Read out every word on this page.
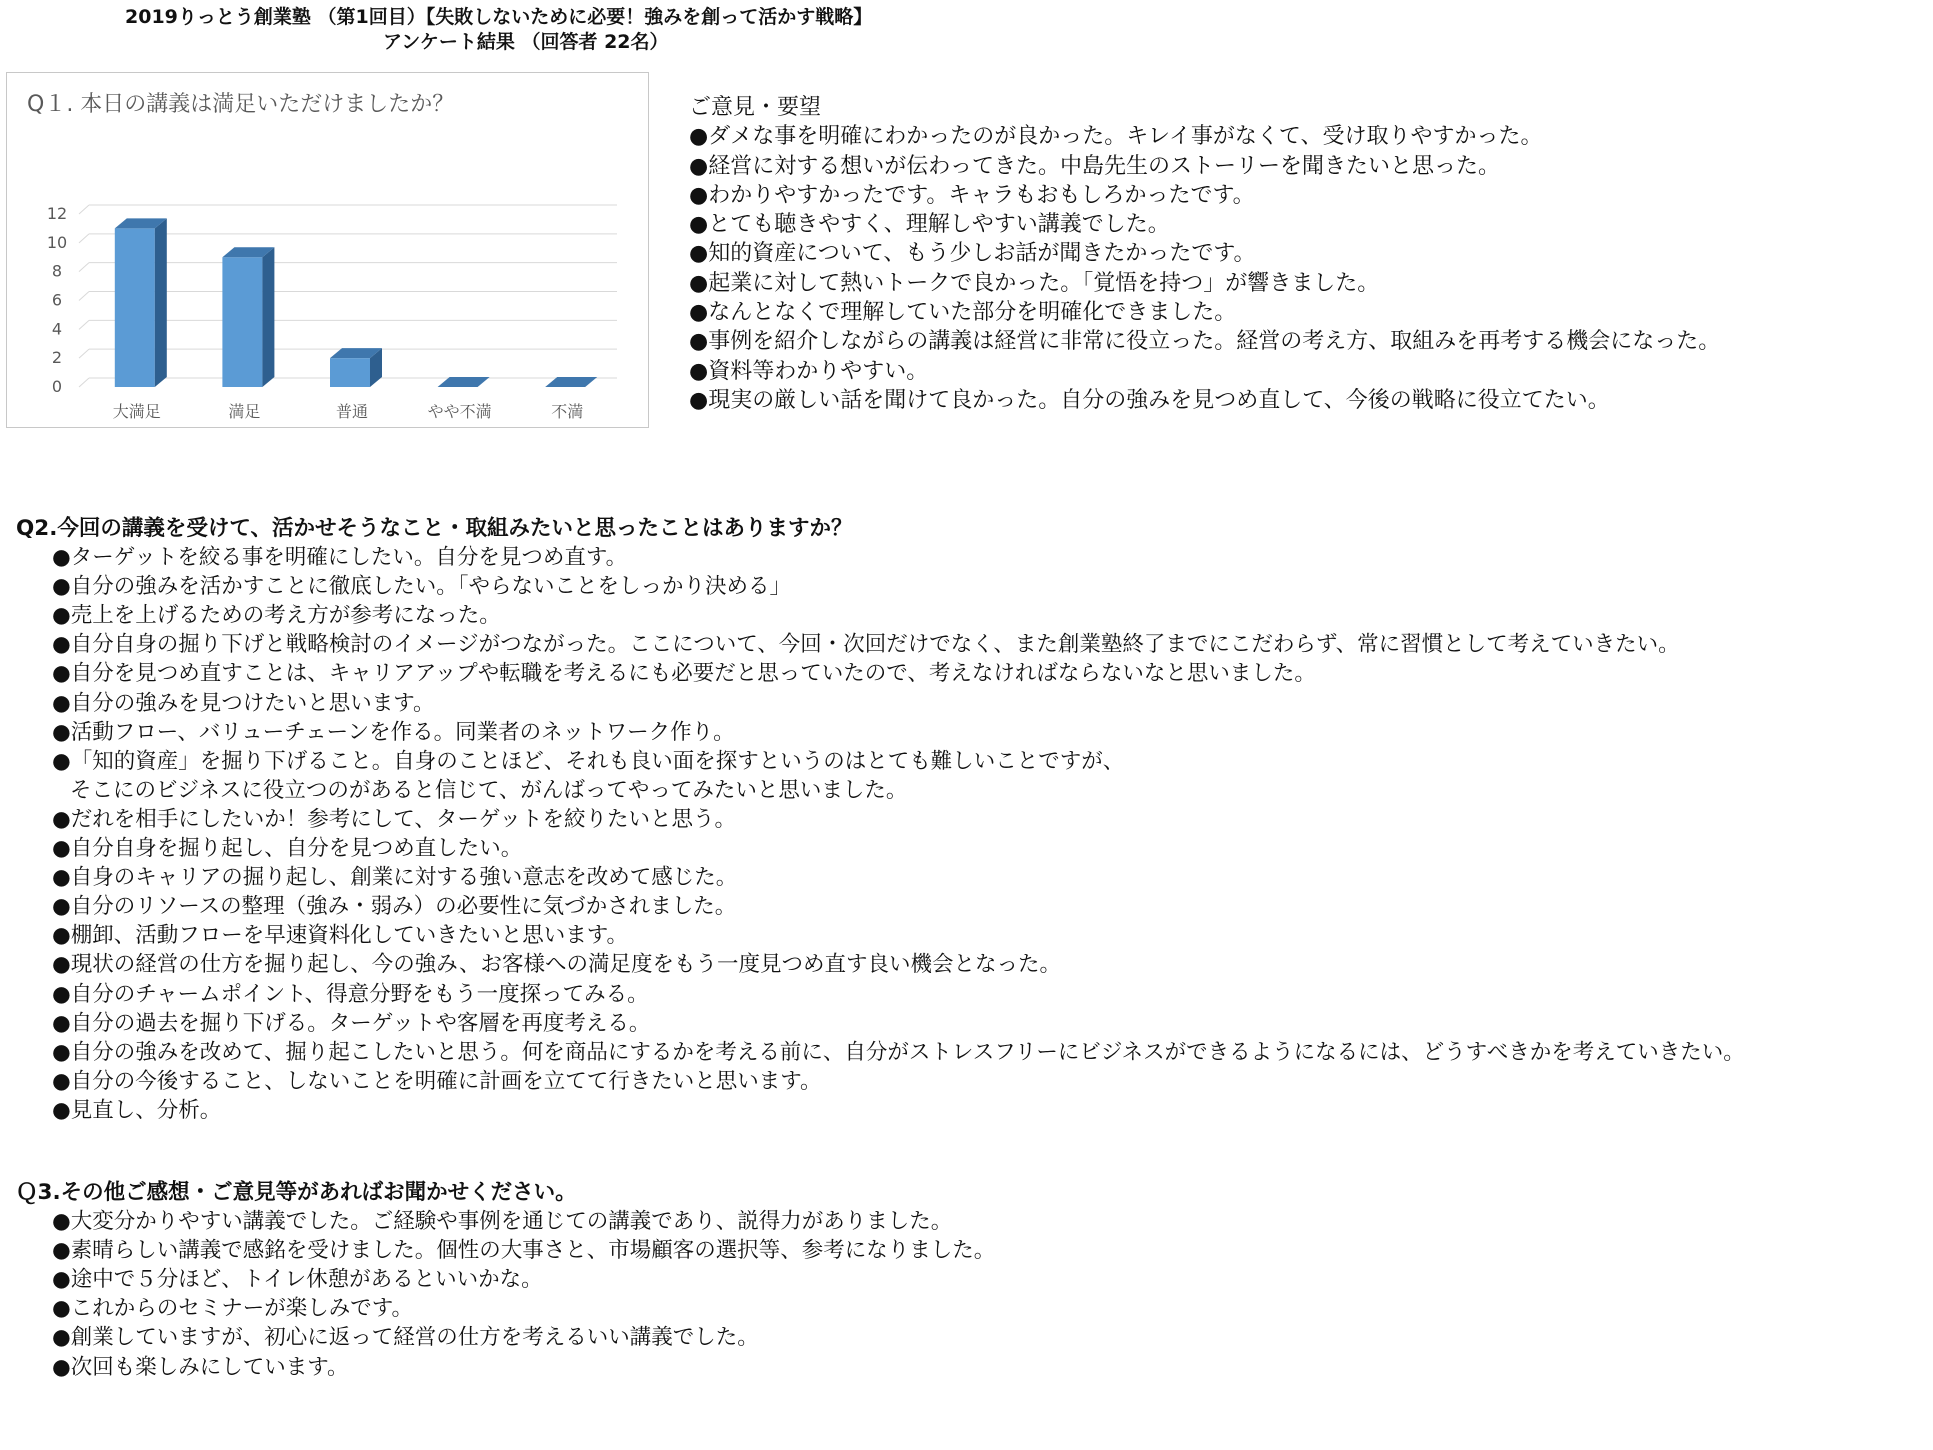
2019りっとう創業塾 （第1回目）【失敗しないために必要！強みを創って活かす戦略】
アンケート結果 （回答者 22名）
Q１. 本日の講義は満足いただけましたか？
0
2
4
6
8
10
12
大満足	満足	普通	やや不満	不満
ご意見・要望
●ダメな事を明確にわかったのが良かった。キレイ事がなくて、受け取りやすかった。
●経営に対する想いが伝わってきた。中島先生のストーリーを聞きたいと思った。
●わかりやすかったです。キャラもおもしろかったです。
●とても聴きやすく、理解しやすい講義でした。
●知的資産について、もう少しお話が聞きたかったです。
●起業に対して熱いトークで良かった。「覚悟を持つ」が響きました。
●なんとなくで理解していた部分を明確化できました。
●事例を紹介しながらの講義は経営に非常に役立った。経営の考え方、取組みを再考する機会になった。
●資料等わかりやすい。
●現実の厳しい話を聞けて良かった。自分の強みを見つめ直して、今後の戦略に役立てたい。
Q2.今回の講義を受けて、活かせそうなこと・取組みたいと思ったことはありますか？
●ターゲットを絞る事を明確にしたい。自分を見つめ直す。
●自分の強みを活かすことに徹底したい。「やらないことをしっかり決める」
●売上を上げるための考え方が参考になった。
●自分自身の掘り下げと戦略検討のイメージがつながった。ここについて、今回・次回だけでなく、また創業塾終了までにこだわらず、常に習慣として考えていきたい。
●自分を見つめ直すことは、キャリアアップや転職を考えるにも必要だと思っていたので、考えなければならないなと思いました。
●自分の強みを見つけたいと思います。
●活動フロー、バリューチェーンを作る。同業者のネットワーク作り。
●「知的資産」を掘り下げること。自身のことほど、それも良い面を探すというのはとても難しいことですが、
そこにのビジネスに役立つのがあると信じて、がんばってやってみたいと思いました。
●だれを相手にしたいか！参考にして、ターゲットを絞りたいと思う。
●自分自身を掘り起し、自分を見つめ直したい。
●自身のキャリアの掘り起し、創業に対する強い意志を改めて感じた。
●自分のリソースの整理（強み・弱み）の必要性に気づかされました。
●棚卸、活動フローを早速資料化していきたいと思います。
●現状の経営の仕方を掘り起し、今の強み、お客様への満足度をもう一度見つめ直す良い機会となった。
●自分のチャームポイント、得意分野をもう一度探ってみる。
●自分の過去を掘り下げる。ターゲットや客層を再度考える。
●自分の強みを改めて、掘り起こしたいと思う。何を商品にするかを考える前に、自分がストレスフリーにビジネスができるようになるには、どうすべきかを考えていきたい。
●自分の今後すること、しないことを明確に計画を立てて行きたいと思います。
●見直し、分析。
Ｑ3.その他ご感想・ご意見等があればお聞かせください。
●大変分かりやすい講義でした。ご経験や事例を通じての講義であり、説得力がありました。
●素晴らしい講義で感銘を受けました。個性の大事さと、市場顧客の選択等、参考になりました。
●途中で５分ほど、トイレ休憩があるといいかな。
●これからのセミナーが楽しみです。
●創業していますが、初心に返って経営の仕方を考えるいい講義でした。
●次回も楽しみにしています。
